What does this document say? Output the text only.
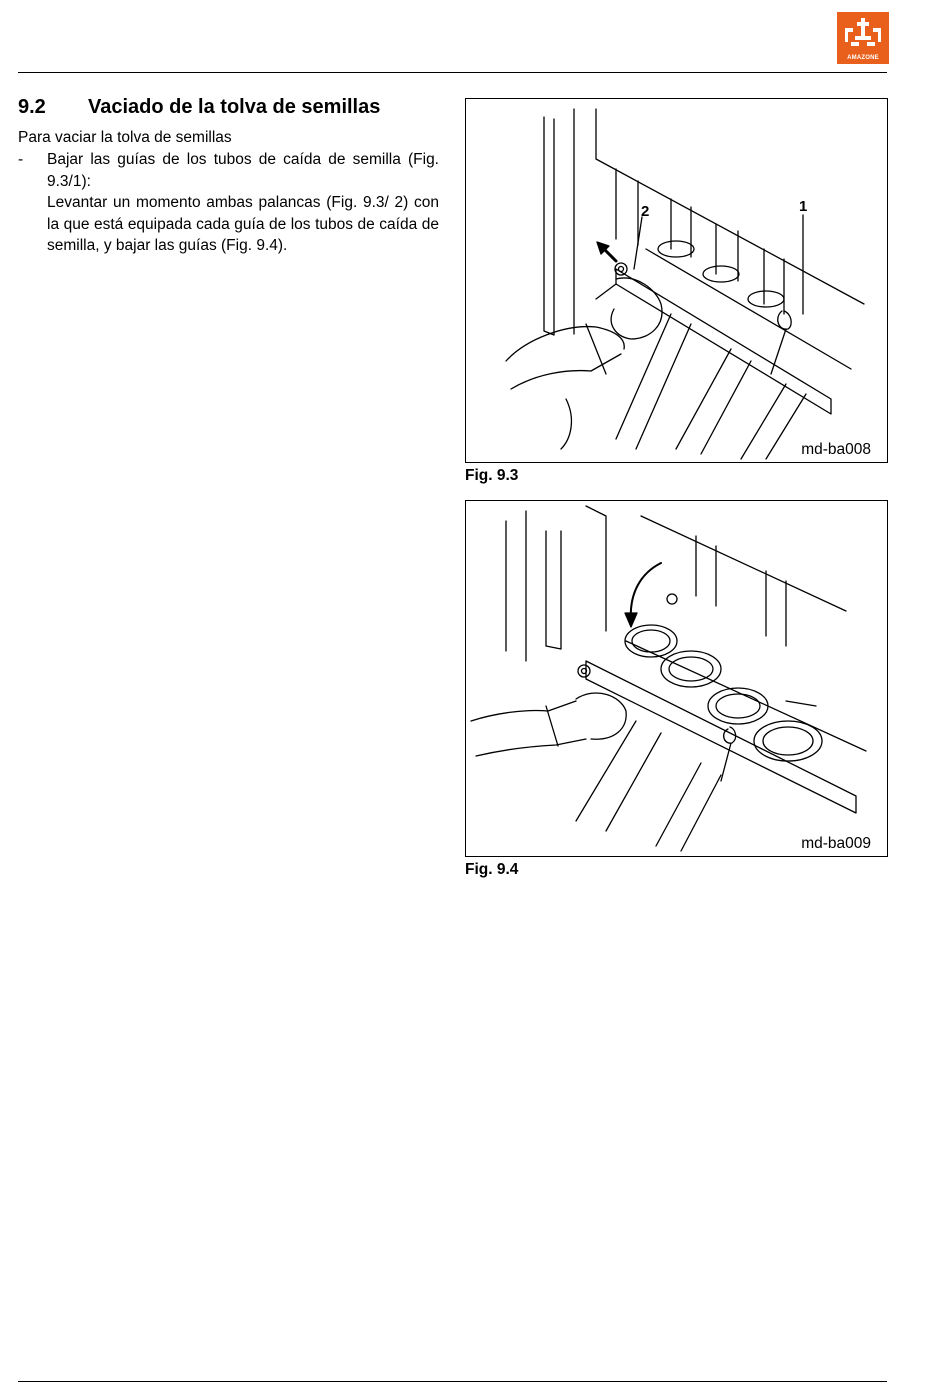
AMAZONE
9.2 Vaciado de la tolva de semillas
Para vaciar la tolva de semillas
- Bajar las guías de los tubos de caída de semilla (Fig. 9.3/1):

Levantar un momento ambas palancas (Fig. 9.3/ 2) con la que está equipada cada guía de los tubos de caída de semilla, y bajar las guías (Fig. 9.4).

2	1
md-ba008
Fig. 9.3
md-ba009
Fig. 9.4
